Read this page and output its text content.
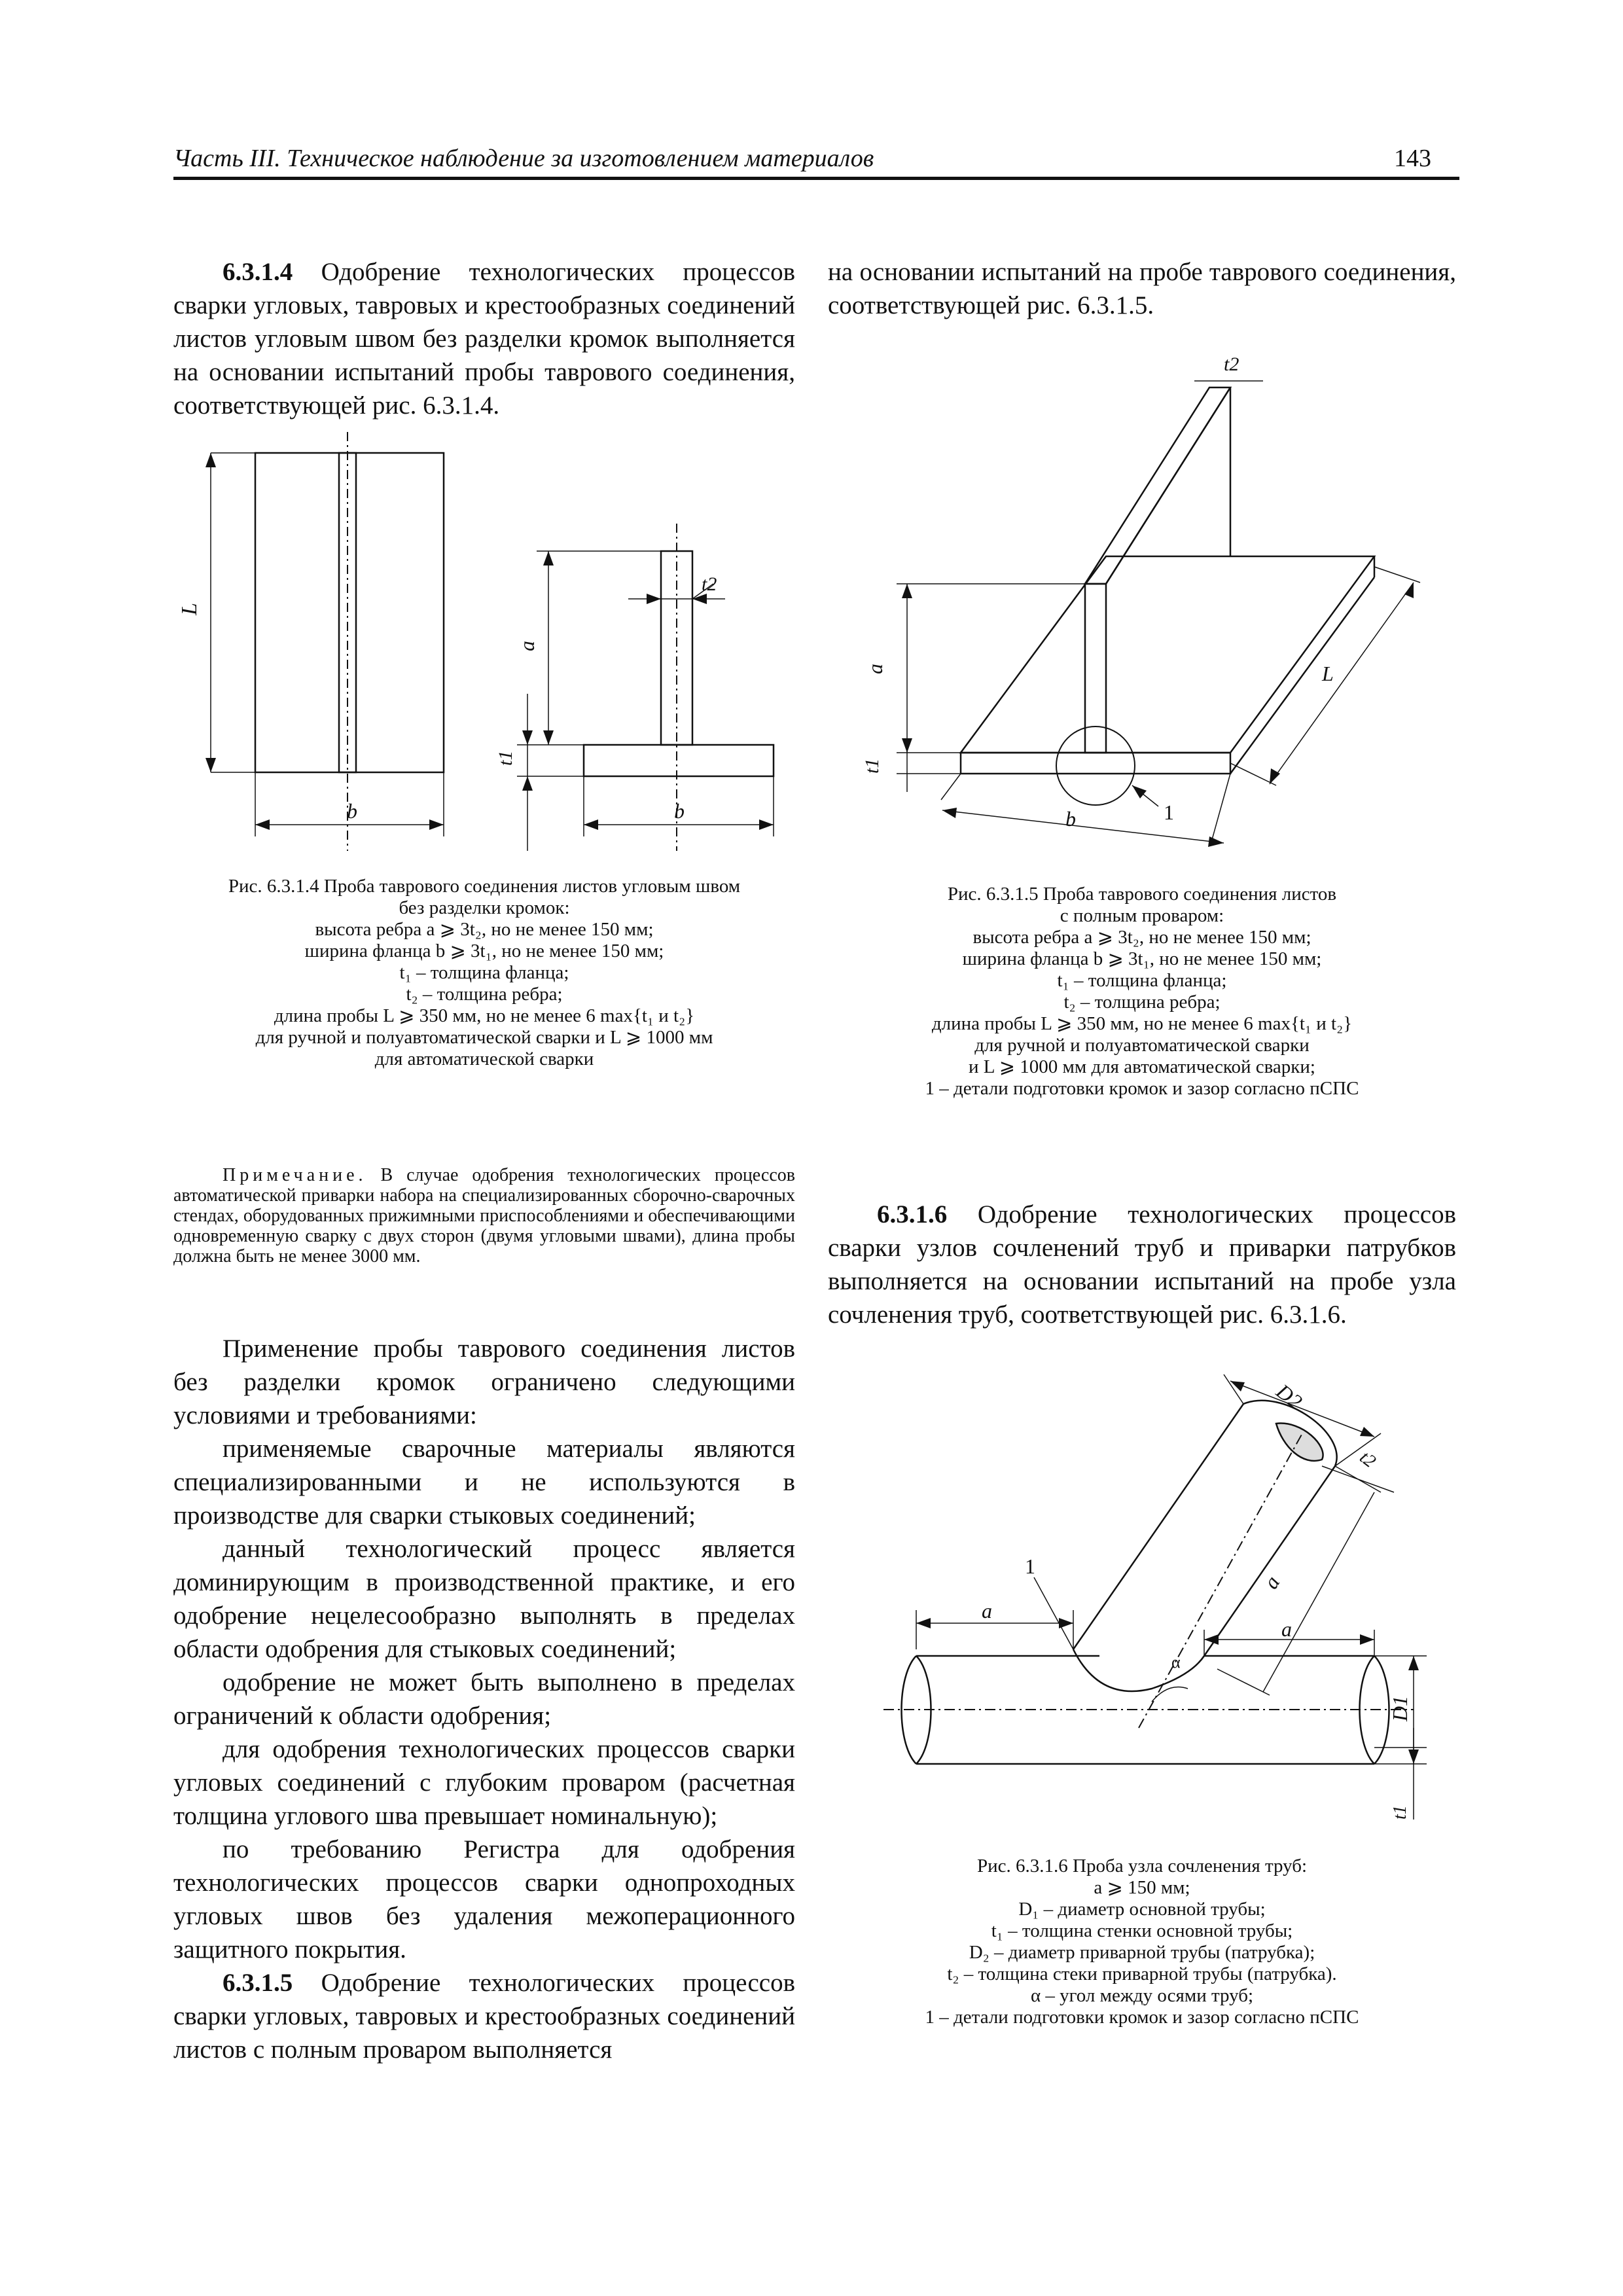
Часть III. Техническое наблюдение за изготовлением материалов	143

6.3.1.4 Одобрение технологических процессов сварки угловых, тавровых и крестообразных соединений листов угловым швом без разделки кромок выполняется на основании испытаний пробы таврового соединения, соответствующей рис. 6.3.1.4.

L
b
a
t1
t2
b
Рис. 6.3.1.4 Проба таврового соединения листов угловым швом
без разделки кромок:
высота ребра a ⩾ 3t₂, но не менее 150 мм;
ширина фланца b ⩾ 3t₁, но не менее 150 мм;
t₁ – толщина фланца;
t₂ – толщина ребра;
длина пробы L ⩾ 350 мм, но не менее 6 max{t₁ и t₂}
для ручной и полуавтоматической сварки и L ⩾ 1000 мм
для автоматической сварки
Примечание. В случае одобрения технологических процессов автоматической приварки набора на специализированных сборочно-сварочных стендах, оборудованных прижимными приспособлениями и обеспечивающими одновременную сварку с двух сторон (двумя угловыми швами), длина пробы должна быть не менее 3000 мм.

Применение пробы таврового соединения листов без разделки кромок ограничено следующими условиями и требованиями:

применяемые сварочные материалы являются специализированными и не используются в производстве для сварки стыковых соединений;

данный технологический процесс является доминирующим в производственной практике, и его одобрение нецелесообразно выполнять в пределах области одобрения для стыковых соединений;

одобрение не может быть выполнено в пределах ограничений к области одобрения;

для одобрения технологических процессов сварки угловых соединений с глубоким проваром (расчетная толщина углового шва превышает номинальную);

по требованию Регистра для одобрения технологических процессов сварки однопроходных угловых швов без удаления межоперационного защитного покрытия.

6.3.1.5 Одобрение технологических процессов сварки угловых, тавровых и крестообразных соединений листов с полным проваром выполняется

на основании испытаний на пробе таврового соединения, соответствующей рис. 6.3.1.5.

t2
L
a
t1
b	1
Рис. 6.3.1.5 Проба таврового соединения листов
с полным проваром:
высота ребра a ⩾ 3t₂, но не менее 150 мм;
ширина фланца b ⩾ 3t₁, но не менее 150 мм;
t₁ – толщина фланца;
t₂ – толщина ребра;
длина пробы L ⩾ 350 мм, но не менее 6 max{t₁ и t₂}
для ручной и полуавтоматической сварки
и L ⩾ 1000 мм для автоматической сварки;
1 – детали подготовки кромок и зазор согласно пСПС

6.3.1.6 Одобрение технологических процессов сварки узлов сочленений труб и приварки патрубков выполняется на основании испытаний на пробе узла сочленения труб, соответствующей рис. 6.3.1.6.

D2
t2
a
a
a
α
1
D1
t1
Рис. 6.3.1.6 Проба узла сочленения труб:
a ⩾ 150 мм;
D₁ – диаметр основной трубы;
t₁ – толщина стенки основной трубы;
D₂ – диаметр приварной трубы (патрубка);
t₂ – толщина стеки приварной трубы (патрубка).
α – угол между осями труб;
1 – детали подготовки кромок и зазор согласно пСПС
